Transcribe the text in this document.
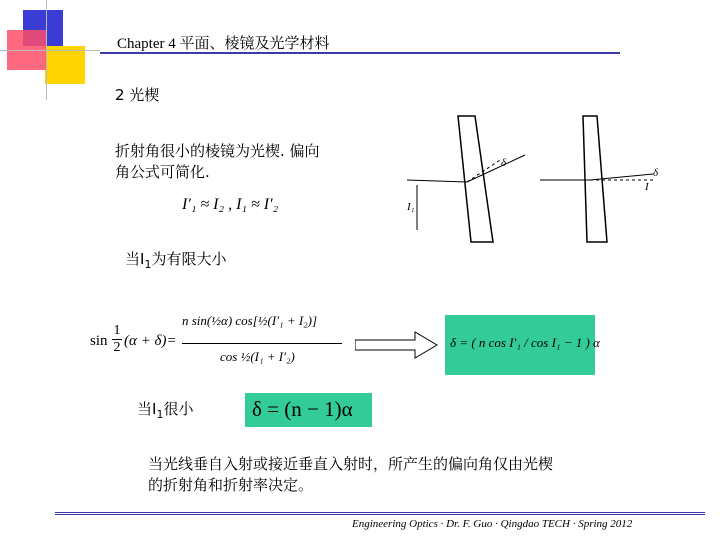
Chapter 4 平面、棱镜及光学材料
2 光楔
折射角很小的棱镜为光楔. 偏向
角公式可简化.
I′₁ ≈ I₂ , I₁ ≈ I′₂
当$I_1$为有限大小
sin
1
2 (α + δ)=
n sin(½α) cos[½(I′₁ + I₂)]
cos ½(I₁ + I′₂)
δ = ( n cos I′₁ / cos I₁ − 1 ) α
当$I_1$很小	δ = (n − 1)α
当光线垂自入射或接近垂直入射时，所产生的偏向角仅由光楔
的折射角和折射率决定。
δ
I₁
δ
I
Engineering Optics · Dr. F. Guo · Qingdao TECH · Spring 2012
